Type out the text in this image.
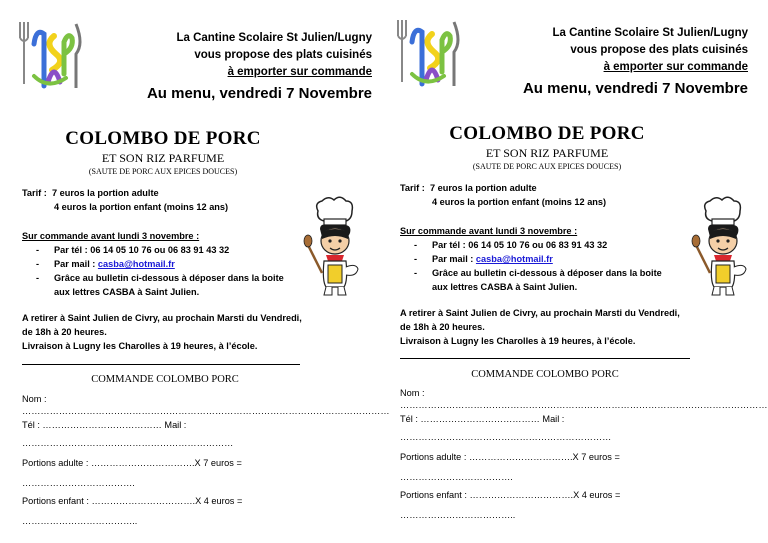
La Cantine Scolaire St Julien/Lugny
vous propose des plats cuisinés
à emporter sur commande
Au menu, vendredi 7 Novembre
COLOMBO DE PORC
ET SON RIZ PARFUME
(SAUTE DE PORC AUX EPICES DOUCES)
Tarif : 7 euros la portion adulte
4 euros la portion enfant (moins 12 ans)
Sur commande avant lundi 3 novembre :
- Par tél : 06 14 05 10 76 ou 06 83 91 43 32
- Par mail : casba@hotmail.fr
- Grâce au bulletin ci-dessous à déposer dans la boite aux lettres CASBA à Saint Julien.
A retirer à Saint Julien de Civry, au prochain Marsti du Vendredi,
de 18h à 20 heures.
Livraison à Lugny les Charolles à 19 heures, à l’école.
COMMANDE COLOMBO PORC
Nom :
…………………………………………………………………………………………………………
Tél : ………………………………… Mail :
……………………………………………………………
Portions adulte : …………………………….X 7 euros =
……………………………….
Portions enfant : …………………………….X 4 euros =
………………………………..
La Cantine Scolaire St Julien/Lugny
vous propose des plats cuisinés
à emporter sur commande
Au menu, vendredi 7 Novembre
COLOMBO DE PORC
ET SON RIZ PARFUME
(SAUTE DE PORC AUX EPICES DOUCES)
Tarif : 7 euros la portion adulte
4 euros la portion enfant (moins 12 ans)
Sur commande avant lundi 3 novembre :
- Par tél : 06 14 05 10 76 ou 06 83 91 43 32
- Par mail : casba@hotmail.fr
- Grâce au bulletin ci-dessous à déposer dans la boite aux lettres CASBA à Saint Julien.
A retirer à Saint Julien de Civry, au prochain Marsti du Vendredi,
de 18h à 20 heures.
Livraison à Lugny les Charolles à 19 heures, à l’école.
COMMANDE COLOMBO PORC
Nom :
…………………………………………………………………………………………………………
Tél : ………………………………… Mail :
……………………………………………………………
Portions adulte : …………………………….X 7 euros =
……………………………….
Portions enfant : …………………………….X 4 euros =
………………………………..
